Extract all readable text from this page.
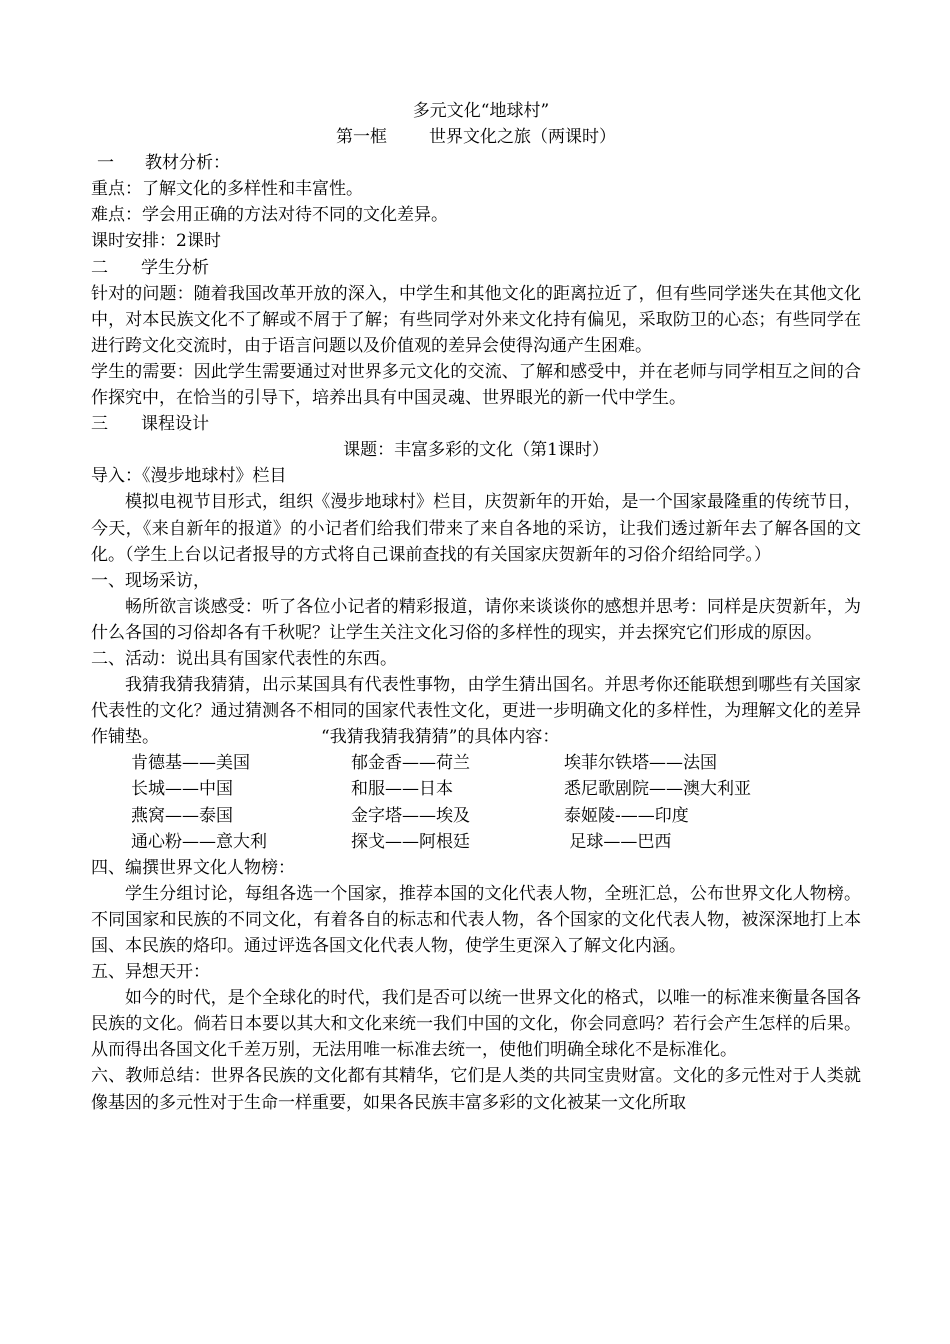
多元文化“地球村”
第一框 世界文化之旅（两课时）
一 教材分析：
重点：了解文化的多样性和丰富性。
难点：学会用正确的方法对待不同的文化差异。
课时安排：2课时
二 学生分析

针对的问题：随着我国改革开放的深入，中学生和其他文化的距离拉近了，但有些同学迷失在其他文化中，对本民族文化不了解或不屑于了解；有些同学对外来文化持有偏见，采取防卫的心态；有些同学在进行跨文化交流时，由于语言问题以及价值观的差异会使得沟通产生困难。

学生的需要：因此学生需要通过对世界多元文化的交流、了解和感受中，并在老师与同学相互之间的合作探究中，在恰当的引导下，培养出具有中国灵魂、世界眼光的新一代中学生。

三 课程设计
课题：丰富多彩的文化（第1课时）
导入：《漫步地球村》栏目

模拟电视节目形式，组织《漫步地球村》栏目，庆贺新年的开始，是一个国家最隆重的传统节日，今天，《来自新年的报道》的小记者们给我们带来了来自各地的采访，让我们透过新年去了解各国的文化。（学生上台以记者报导的方式将自己课前查找的有关国家庆贺新年的习俗介绍给同学。）

一、现场采访，

畅所欲言谈感受：听了各位小记者的精彩报道，请你来谈谈你的感想并思考：同样是庆贺新年，为什么各国的习俗却各有千秋呢？让学生关注文化习俗的多样性的现实，并去探究它们形成的原因。

二、活动：说出具有国家代表性的东西。

我猜我猜我猜猜，出示某国具有代表性事物，由学生猜出国名。并思考你还能联想到哪些有关国家代表性的文化？通过猜测各不相同的国家代表性文化，更进一步明确文化的多样性，为理解文化的差异作铺垫。	“我猜我猜我猜猜”的具体内容：

肯德基——美国	郁金香——荷兰	埃菲尔铁塔——法国
长城——中国	和服——日本	悉尼歌剧院——澳大利亚
燕窝——泰国	金字塔——埃及	泰姬陵-——印度
通心粉——意大利	探戈——阿根廷	足球——巴西
四、编撰世界文化人物榜：

学生分组讨论，每组各选一个国家，推荐本国的文化代表人物，全班汇总，公布世界文化人物榜。不同国家和民族的不同文化，有着各自的标志和代表人物，各个国家的文化代表人物，被深深地打上本国、本民族的烙印。通过评选各国文化代表人物，使学生更深入了解文化内涵。

五、异想天开：

如今的时代，是个全球化的时代，我们是否可以统一世界文化的格式，以唯一的标准来衡量各国各民族的文化。倘若日本要以其大和文化来统一我们中国的文化，你会同意吗？若行会产生怎样的后果。从而得出各国文化千差万别，无法用唯一标准去统一，使他们明确全球化不是标准化。

六、教师总结：世界各民族的文化都有其精华，它们是人类的共同宝贵财富。文化的多元性对于人类就像基因的多元性对于生命一样重要，如果各民族丰富多彩的文化被某一文化所取
